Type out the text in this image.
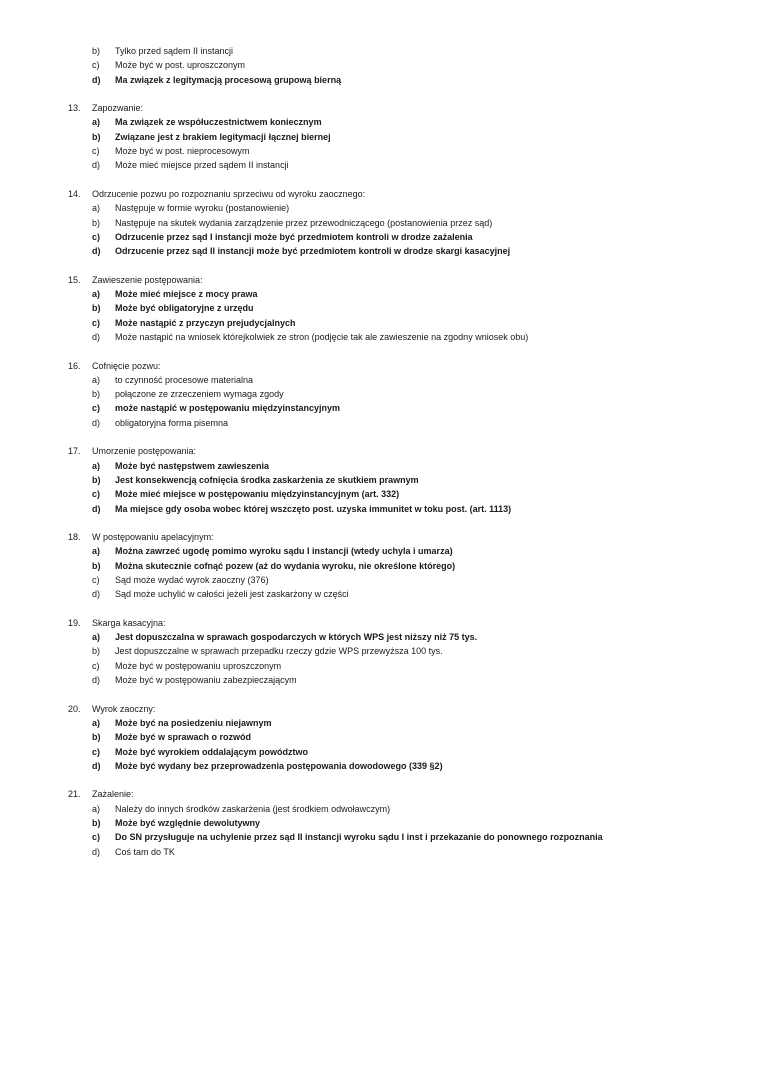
b)	Tylko przed sądem II instancji
c)	Może być w post. uproszczonym
d)	Ma związek z legitymacją procesową grupową bierną
13.	Zapozwanie:
a)	Ma związek ze współuczestnictwem koniecznym
b)	Związane jest z brakiem legitymacji łącznej biernej
c)	Może być w post. nieprocesowym
d)	Może mieć miejsce przed sądem II instancji
14.	Odrzucenie pozwu po rozpoznaniu sprzeciwu od wyroku zaocznego:
a)	Następuje w formie wyroku (postanowienie)
b)	Następuje na skutek wydania zarządzenie przez przewodniczącego (postanowienia przez sąd)
c)	Odrzucenie przez sąd I instancji może być przedmiotem kontroli w drodze zażalenia
d)	Odrzucenie przez sąd II instancji może być przedmiotem kontroli w drodze skargi kasacyjnej
15.	Zawieszenie postępowania:
a)	Może mieć miejsce z mocy prawa
b)	Może być obligatoryjne z urzędu
c)	Może nastąpić z przyczyn prejudycjalnych
d)	Może nastąpić na wniosek którejkolwiek ze stron (podjęcie tak ale zawieszenie na zgodny wniosek obu)
16.	Cofnięcie pozwu:
a)	to czynność procesowe materialna
b)	połączone ze zrzeczeniem wymaga zgody
c)	może nastąpić w postępowaniu międzyinstancyjnym
d)	obligatoryjna forma pisemna
17.	Umorzenie postępowania:
a)	Może być następstwem zawieszenia
b)	Jest konsekwencją cofnięcia środka zaskarżenia ze skutkiem prawnym
c)	Może mieć miejsce w postępowaniu międzyinstancyjnym (art. 332)
d)	Ma miejsce gdy osoba wobec której wszczęto post. uzyska immunitet w toku post. (art. 1113)
18.	W postępowaniu apelacyjnym:
a)	Można zawrzeć ugodę pomimo wyroku sądu I instancji (wtedy uchyla i umarza)
b)	Można skutecznie cofnąć pozew (aż do wydania wyroku, nie określone którego)
c)	Sąd może wydać wyrok zaoczny (376)
d)	Sąd może uchylić w całości jeżeli jest zaskarżony w części
19.	Skarga kasacyjna:
a)	Jest dopuszczalna w sprawach gospodarczych w których WPS jest niższy niż 75 tys.
b)	Jest dopuszczalne w sprawach przepadku rzeczy gdzie WPS przewyższa 100 tys.
c)	Może być w postępowaniu uproszczonym
d)	Może być w postępowaniu zabezpieczającym
20.	Wyrok zaoczny:
a)	Może być na posiedzeniu niejawnym
b)	Może być w sprawach o rozwód
c)	Może być wyrokiem oddalającym powództwo
d)	Może być wydany bez przeprowadzenia postępowania dowodowego (339 §2)
21.	Zażalenie:
a)	Należy do innych środków zaskarżenia (jest środkiem odwoławczym)
b)	Może być względnie dewolutywny
c)	Do SN przysługuje na uchylenie przez sąd II instancji wyroku sądu I inst i przekazanie do ponownego rozpoznania
d)	Coś tam do TK
